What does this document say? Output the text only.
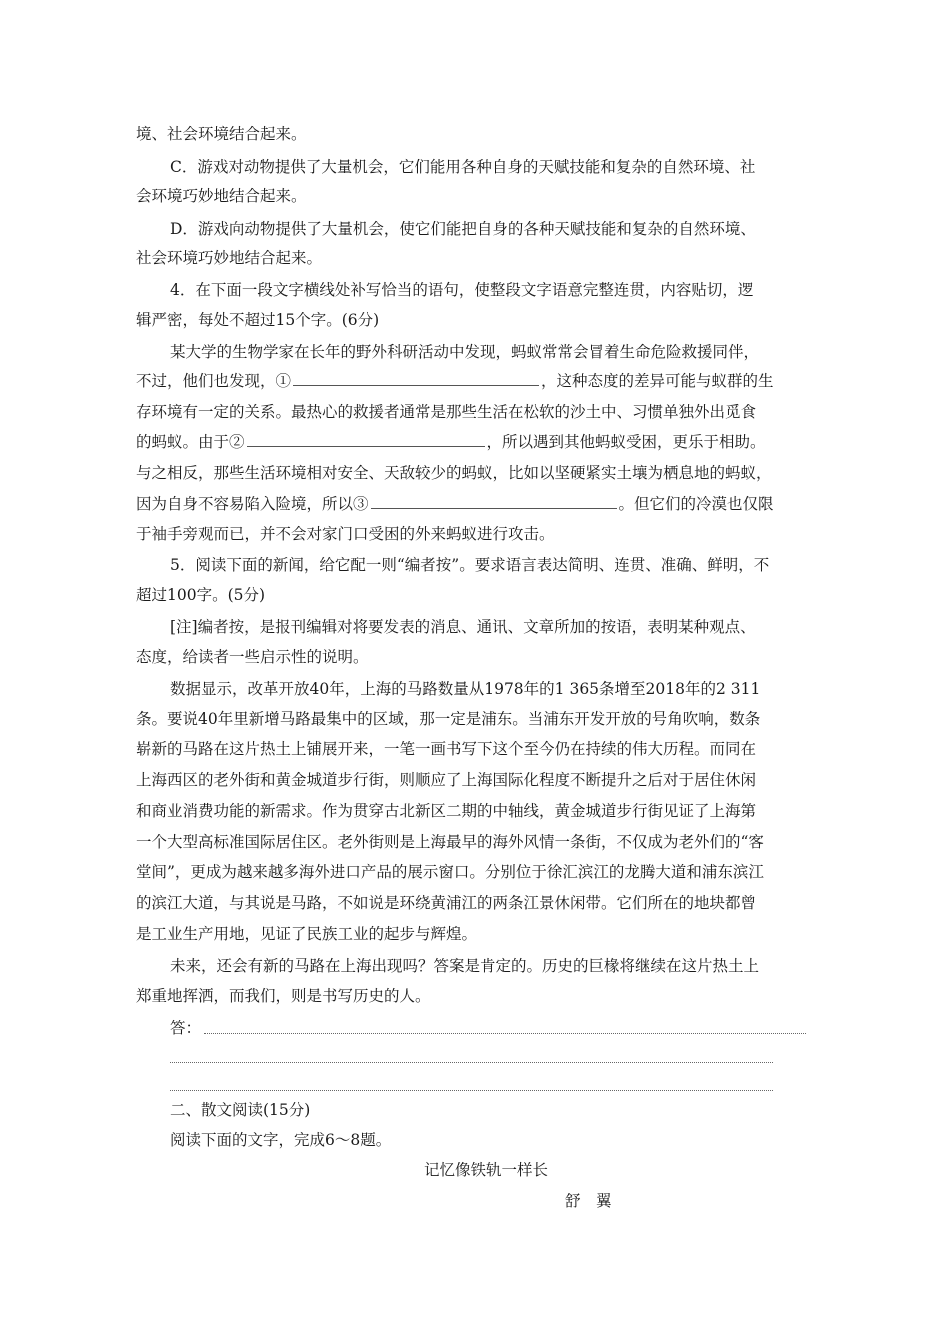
境、社会环境结合起来。
C．游戏对动物提供了大量机会，它们能用各种自身的天赋技能和复杂的自然环境、社
会环境巧妙地结合起来。
D．游戏向动物提供了大量机会，使它们能把自身的各种天赋技能和复杂的自然环境、
社会环境巧妙地结合起来。
4．在下面一段文字横线处补写恰当的语句，使整段文字语意完整连贯，内容贴切，逻
辑严密，每处不超过15个字。(6分)
某大学的生物学家在长年的野外科研活动中发现，蚂蚁常常会冒着生命危险救援同伴，
不过，他们也发现，①	，这种态度的差异可能与蚁群的生
存环境有一定的关系。最热心的救援者通常是那些生活在松软的沙土中、习惯单独外出觅食
的蚂蚁。由于②	，所以遇到其他蚂蚁受困，更乐于相助。
与之相反，那些生活环境相对安全、天敌较少的蚂蚁，比如以坚硬紧实土壤为栖息地的蚂蚁，
因为自身不容易陷入险境，所以③	。但它们的冷漠也仅限
于袖手旁观而已，并不会对家门口受困的外来蚂蚁进行攻击。
5．阅读下面的新闻，给它配一则“编者按”。要求语言表达简明、连贯、准确、鲜明，不
超过100字。(5分)
[注]编者按，是报刊编辑对将要发表的消息、通讯、文章所加的按语，表明某种观点、
态度，给读者一些启示性的说明。
数据显示，改革开放40年，上海的马路数量从1978年的1 365条增至2018年的2 311
条。要说40年里新增马路最集中的区域，那一定是浦东。当浦东开发开放的号角吹响，数条
崭新的马路在这片热土上铺展开来，一笔一画书写下这个至今仍在持续的伟大历程。而同在
上海西区的老外街和黄金城道步行街，则顺应了上海国际化程度不断提升之后对于居住休闲
和商业消费功能的新需求。作为贯穿古北新区二期的中轴线，黄金城道步行街见证了上海第
一个大型高标准国际居住区。老外街则是上海最早的海外风情一条街，不仅成为老外们的“客
堂间”，更成为越来越多海外进口产品的展示窗口。分别位于徐汇滨江的龙腾大道和浦东滨江
的滨江大道，与其说是马路，不如说是环绕黄浦江的两条江景休闲带。它们所在的地块都曾
是工业生产用地，见证了民族工业的起步与辉煌。
未来，还会有新的马路在上海出现吗？答案是肯定的。历史的巨椽将继续在这片热土上
郑重地挥洒，而我们，则是书写历史的人。
答：
二、散文阅读(15分)
阅读下面的文字，完成6～8题。
记忆像铁轨一样长
舒　翼
